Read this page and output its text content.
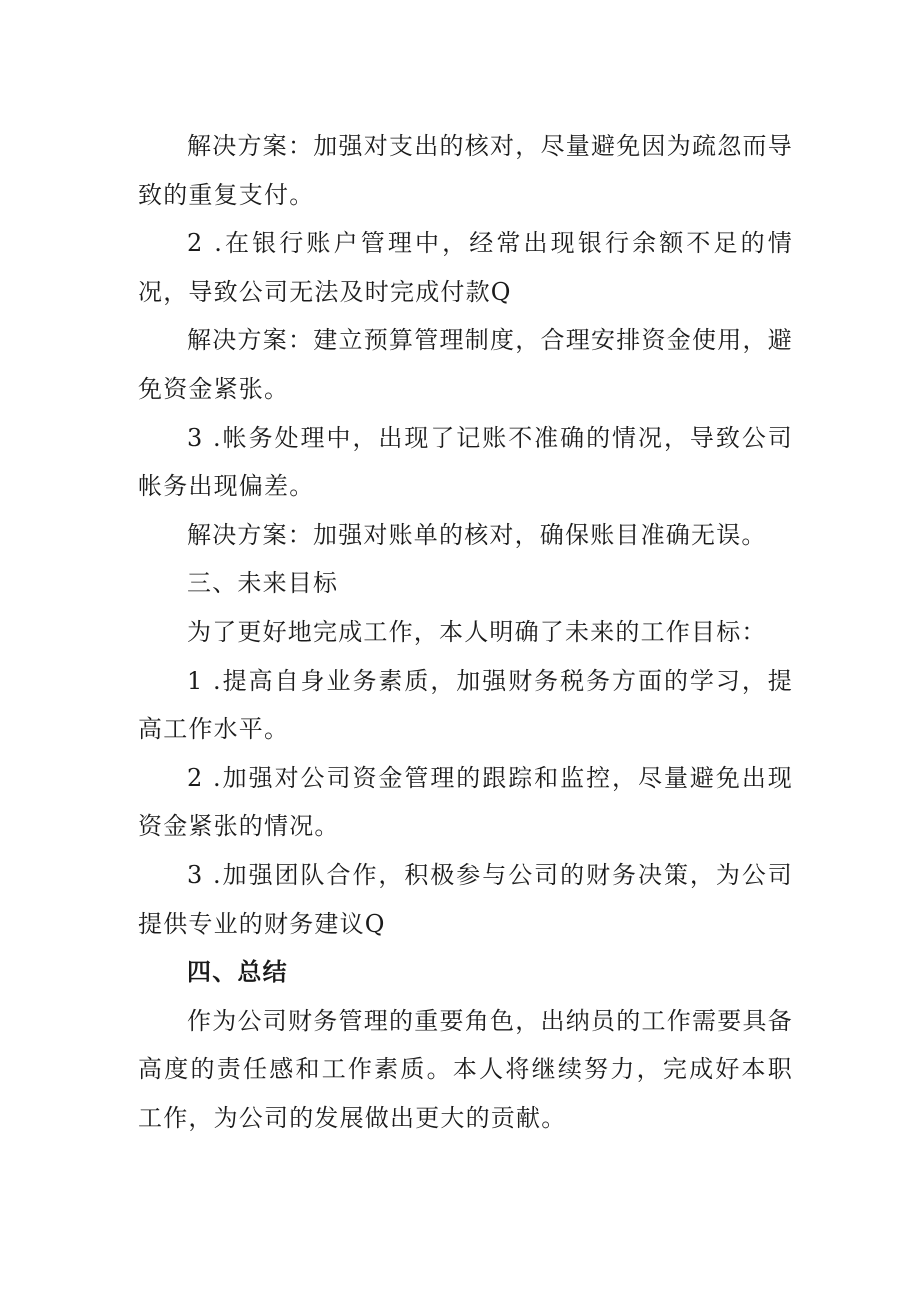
解决方案：加强对支出的核对，尽量避免因为疏忽而导致的重复支付。

2 .在银行账户管理中，经常出现银行余额不足的情况，导致公司无法及时完成付款Q

解决方案：建立预算管理制度，合理安排资金使用，避免资金紧张。

3 .帐务处理中，出现了记账不准确的情况，导致公司帐务出现偏差。

解决方案：加强对账单的核对，确保账目准确无误。

三、未来目标

为了更好地完成工作，本人明确了未来的工作目标：

1 .提高自身业务素质，加强财务税务方面的学习，提高工作水平。

2 .加强对公司资金管理的跟踪和监控，尽量避免出现资金紧张的情况。

3 .加强团队合作，积极参与公司的财务决策，为公司提供专业的财务建议Q

四、总结

作为公司财务管理的重要角色，出纳员的工作需要具备高度的责任感和工作素质。本人将继续努力，完成好本职工作，为公司的发展做出更大的贡献。
